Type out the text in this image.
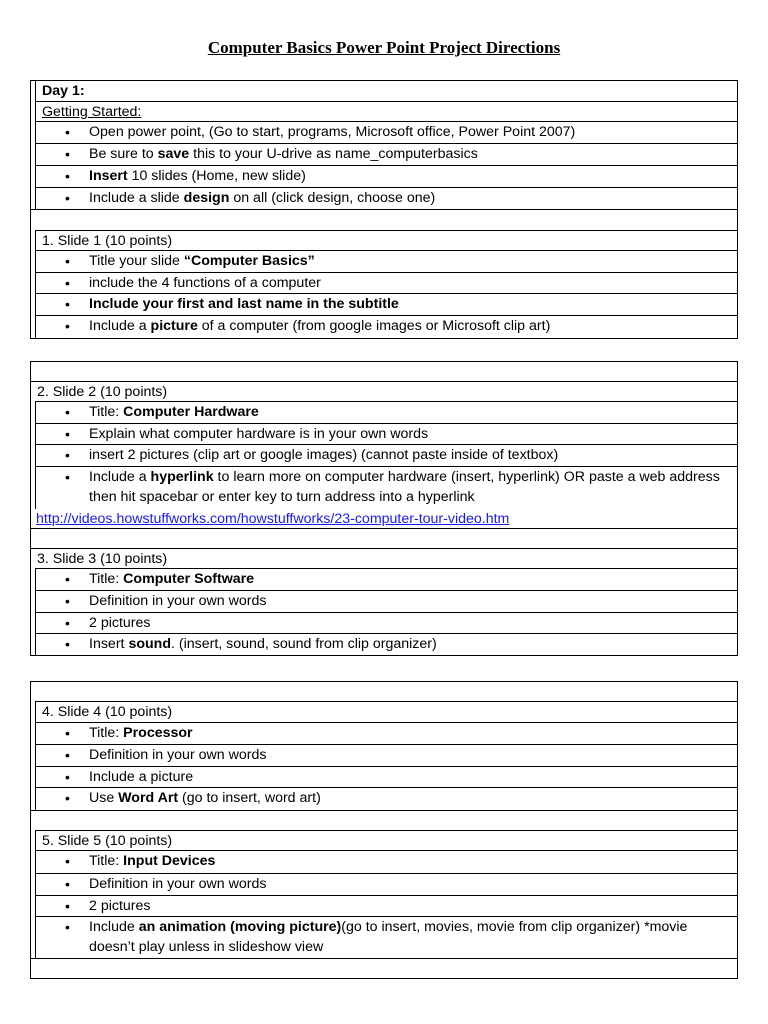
Computer Basics Power Point Project Directions
Day 1:
Getting Started:
• Open power point, (Go to start, programs, Microsoft office, Power Point 2007)
• Be sure to save this to your U-drive as name_computerbasics
• Insert 10 slides (Home, new slide)
• Include a slide design on all (click design, choose one)
1. Slide 1 (10 points)
• Title your slide “Computer Basics”
• include the 4 functions of a computer
• Include your first and last name in the subtitle
• Include a picture of a computer (from google images or Microsoft clip art)
2. Slide 2 (10 points)
• Title: Computer Hardware
• Explain what computer hardware is in your own words
• insert 2 pictures (clip art or google images) (cannot paste inside of textbox)
• Include a hyperlink to learn more on computer hardware (insert, hyperlink) OR paste a web address then hit spacebar or enter key to turn address into a hyperlink
http://videos.howstuffworks.com/howstuffworks/23-computer-tour-video.htm
3. Slide 3 (10 points)
• Title: Computer Software
• Definition in your own words
• 2 pictures
• Insert sound. (insert, sound, sound from clip organizer)
4. Slide 4 (10 points)
• Title: Processor
• Definition in your own words
• Include a picture
• Use Word Art (go to insert, word art)
5. Slide 5 (10 points)
• Title: Input Devices
• Definition in your own words
• 2 pictures
• Include an animation (moving picture)(go to insert, movies, movie from clip organizer) *movie doesn’t play unless in slideshow view
